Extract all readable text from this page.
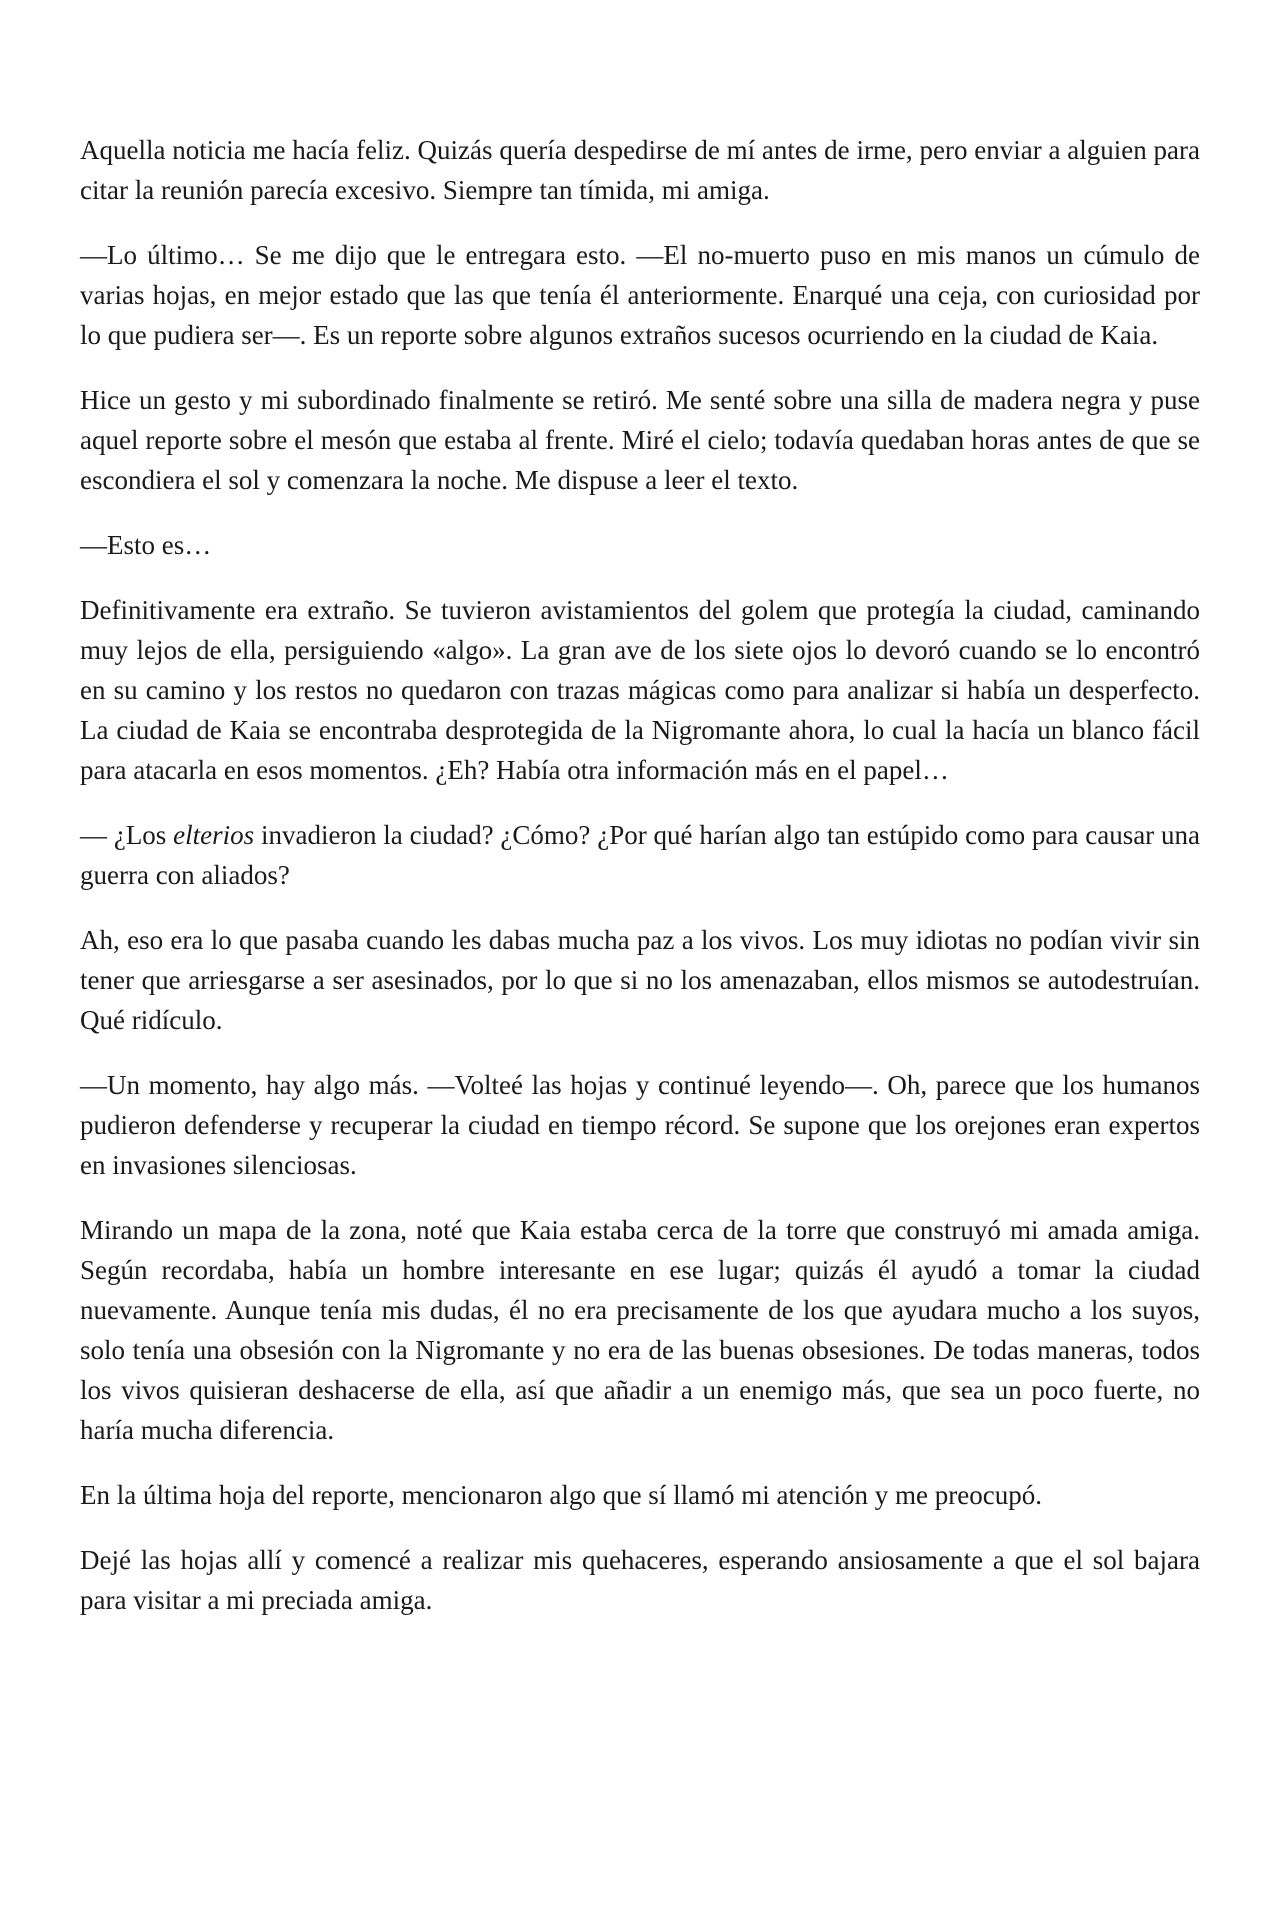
Aquella noticia me hacía feliz. Quizás quería despedirse de mí antes de irme, pero enviar a alguien para citar la reunión parecía excesivo. Siempre tan tímida, mi amiga.

—Lo último… Se me dijo que le entregara esto. —El no-muerto puso en mis manos un cúmulo de varias hojas, en mejor estado que las que tenía él anteriormente. Enarqué una ceja, con curiosidad por lo que pudiera ser—. Es un reporte sobre algunos extraños sucesos ocurriendo en la ciudad de Kaia.

Hice un gesto y mi subordinado finalmente se retiró. Me senté sobre una silla de madera negra y puse aquel reporte sobre el mesón que estaba al frente. Miré el cielo; todavía quedaban horas antes de que se escondiera el sol y comenzara la noche. Me dispuse a leer el texto.

—Esto es…

Definitivamente era extraño. Se tuvieron avistamientos del golem que protegía la ciudad, caminando muy lejos de ella, persiguiendo «algo». La gran ave de los siete ojos lo devoró cuando se lo encontró en su camino y los restos no quedaron con trazas mágicas como para analizar si había un desperfecto. La ciudad de Kaia se encontraba desprotegida de la Nigromante ahora, lo cual la hacía un blanco fácil para atacarla en esos momentos. ¿Eh? Había otra información más en el papel…

— ¿Los elterios invadieron la ciudad? ¿Cómo? ¿Por qué harían algo tan estúpido como para causar una guerra con aliados?

Ah, eso era lo que pasaba cuando les dabas mucha paz a los vivos. Los muy idiotas no podían vivir sin tener que arriesgarse a ser asesinados, por lo que si no los amenazaban, ellos mismos se autodestruían. Qué ridículo.

—Un momento, hay algo más. —Volteé las hojas y continué leyendo—. Oh, parece que los humanos pudieron defenderse y recuperar la ciudad en tiempo récord. Se supone que los orejones eran expertos en invasiones silenciosas.

Mirando un mapa de la zona, noté que Kaia estaba cerca de la torre que construyó mi amada amiga. Según recordaba, había un hombre interesante en ese lugar; quizás él ayudó a tomar la ciudad nuevamente. Aunque tenía mis dudas, él no era precisamente de los que ayudara mucho a los suyos, solo tenía una obsesión con la Nigromante y no era de las buenas obsesiones. De todas maneras, todos los vivos quisieran deshacerse de ella, así que añadir a un enemigo más, que sea un poco fuerte, no haría mucha diferencia.

En la última hoja del reporte, mencionaron algo que sí llamó mi atención y me preocupó.

Dejé las hojas allí y comencé a realizar mis quehaceres, esperando ansiosamente a que el sol bajara para visitar a mi preciada amiga.
